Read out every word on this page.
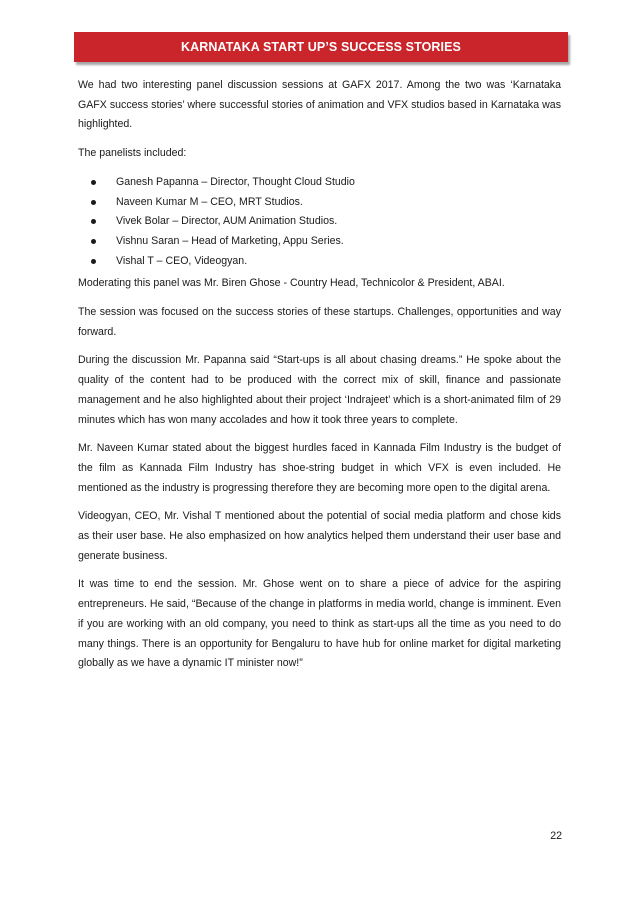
KARNATAKA START UP’S SUCCESS STORIES

We had two interesting panel discussion sessions at GAFX 2017. Among the two was ‘Karnataka GAFX success stories’ where successful stories of animation and VFX studios based in Karnataka was highlighted.

The panelists included:

Ganesh Papanna – Director, Thought Cloud Studio
Naveen Kumar M – CEO, MRT Studios.
Vivek Bolar – Director, AUM Animation Studios.
Vishnu Saran – Head of Marketing, Appu Series.
Vishal T – CEO, Videogyan.

Moderating this panel was Mr. Biren Ghose - Country Head, Technicolor & President, ABAI.

The session was focused on the success stories of these startups. Challenges, opportunities and way forward.

During the discussion Mr. Papanna said “Start-ups is all about chasing dreams.” He spoke about the quality of the content had to be produced with the correct mix of skill, finance and passionate management and he also highlighted about their project ‘Indrajeet’ which is a short-animated film of 29 minutes which has won many accolades and how it took three years to complete.

Mr. Naveen Kumar stated about the biggest hurdles faced in Kannada Film Industry is the budget of the film as Kannada Film Industry has shoe-string budget in which VFX is even included. He mentioned as the industry is progressing therefore they are becoming more open to the digital arena.

Videogyan, CEO, Mr. Vishal T mentioned about the potential of social media platform and chose kids as their user base. He also emphasized on how analytics helped them understand their user base and generate business.

It was time to end the session. Mr. Ghose went on to share a piece of advice for the aspiring entrepreneurs. He said, “Because of the change in platforms in media world, change is imminent. Even if you are working with an old company, you need to think as start-ups all the time as you need to do many things. There is an opportunity for Bengaluru to have hub for online market for digital marketing globally as we have a dynamic IT minister now!”

22
